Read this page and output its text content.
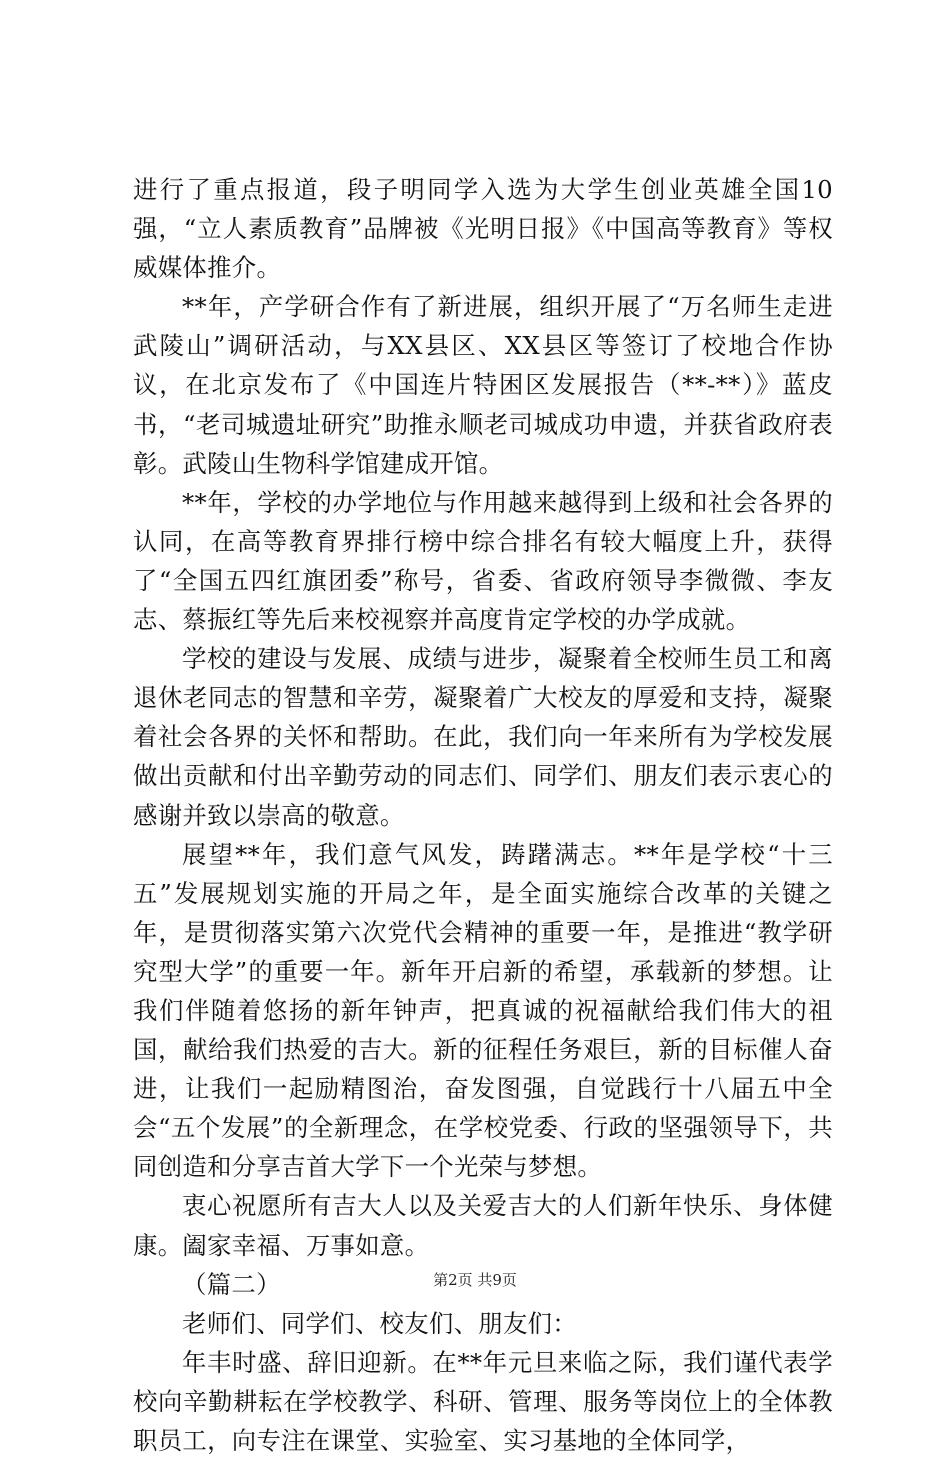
进行了重点报道，段子明同学入选为大学生创业英雄全国10强，“立人素质教育”品牌被《光明日报》《中国高等教育》等权威媒体推介。

**年，产学研合作有了新进展，组织开展了“万名师生走进武陵山”调研活动，与XX县区、XX县区等签订了校地合作协议，在北京发布了《中国连片特困区发展报告（**-**）》蓝皮书，“老司城遗址研究”助推永顺老司城成功申遗，并获省政府表彰。武陵山生物科学馆建成开馆。

**年，学校的办学地位与作用越来越得到上级和社会各界的认同，在高等教育界排行榜中综合排名有较大幅度上升，获得了“全国五四红旗团委”称号，省委、省政府领导李微微、李友志、蔡振红等先后来校视察并高度肯定学校的办学成就。

学校的建设与发展、成绩与进步，凝聚着全校师生员工和离退休老同志的智慧和辛劳，凝聚着广大校友的厚爱和支持，凝聚着社会各界的关怀和帮助。在此，我们向一年来所有为学校发展做出贡献和付出辛勤劳动的同志们、同学们、朋友们表示衷心的感谢并致以崇高的敬意。

展望**年，我们意气风发，踌躇满志。**年是学校“十三五”发展规划实施的开局之年，是全面实施综合改革的关键之年，是贯彻落实第六次党代会精神的重要一年，是推进“教学研究型大学”的重要一年。新年开启新的希望，承载新的梦想。让我们伴随着悠扬的新年钟声，把真诚的祝福献给我们伟大的祖国，献给我们热爱的吉大。新的征程任务艰巨，新的目标催人奋进，让我们一起励精图治，奋发图强，自觉践行十八届五中全会“五个发展”的全新理念，在学校党委、行政的坚强领导下，共同创造和分享吉首大学下一个光荣与梦想。

衷心祝愿所有吉大人以及关爱吉大的人们新年快乐、身体健康。阖家幸福、万事如意。

（篇二）

老师们、同学们、校友们、朋友们：

年丰时盛、辞旧迎新。在**年元旦来临之际，我们谨代表学校向辛勤耕耘在学校教学、科研、管理、服务等岗位上的全体教职员工，向专注在课堂、实验室、实习基地的全体同学，

第2页 共9页
